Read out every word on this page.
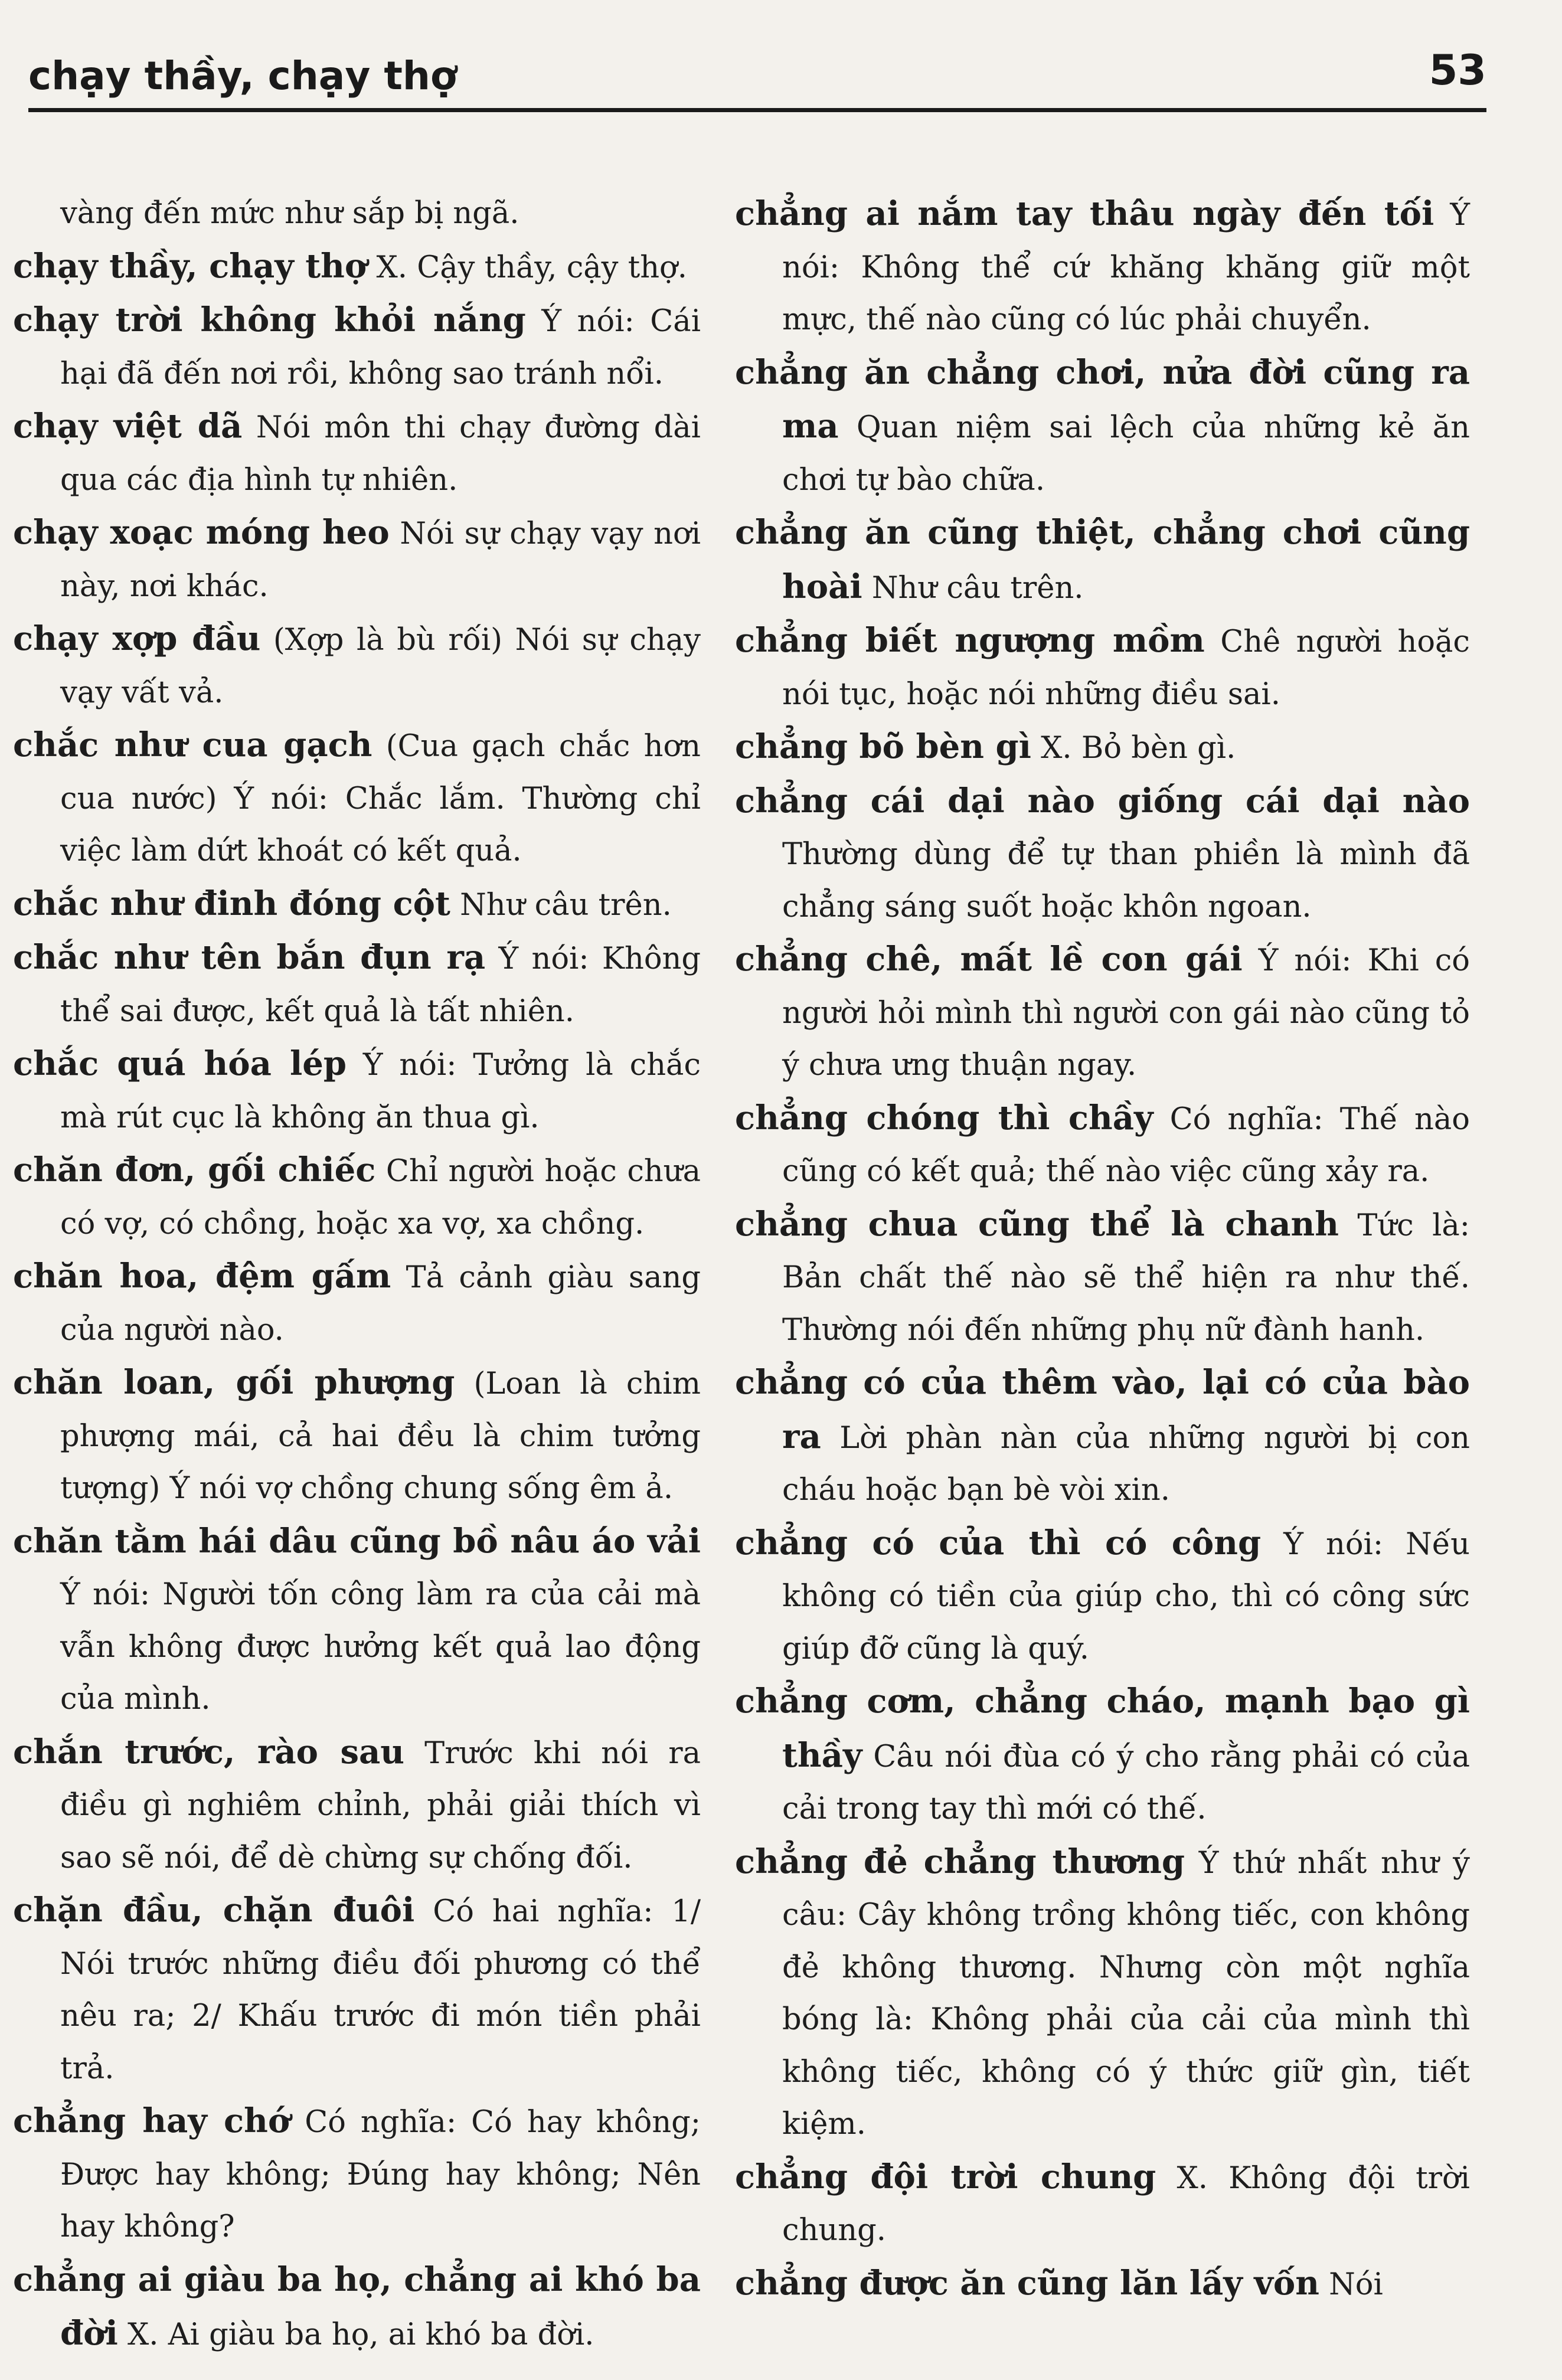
chạy thầy, chạy thợ	53
vàng đến mức như sắp bị ngã.
chạy thầy, chạy thợ X. Cậy thầy, cậy thợ.
chạy trời không khỏi nắng Ý nói: Cái hại đã đến nơi rồi, không sao tránh nổi.
chạy việt dã Nói môn thi chạy đường dài qua các địa hình tự nhiên.
chạy xoạc móng heo Nói sự chạy vạy nơi này, nơi khác.
chạy xợp đầu (Xợp là bù rối) Nói sự chạy vạy vất vả.
chắc như cua gạch (Cua gạch chắc hơn cua nước) Ý nói: Chắc lắm. Thường chỉ việc làm dứt khoát có kết quả.
chắc như đinh đóng cột Như câu trên.
chắc như tên bắn đụn rạ Ý nói: Không thể sai được, kết quả là tất nhiên.
chắc quá hóa lép Ý nói: Tưởng là chắc mà rút cục là không ăn thua gì.
chăn đơn, gối chiếc Chỉ người hoặc chưa có vợ, có chồng, hoặc xa vợ, xa chồng.
chăn hoa, đệm gấm Tả cảnh giàu sang của người nào.
chăn loan, gối phượng (Loan là chim phượng mái, cả hai đều là chim tưởng tượng) Ý nói vợ chồng chung sống êm ả.
chăn tằm hái dâu cũng bồ nâu áo vải Ý nói: Người tốn công làm ra của cải mà vẫn không được hưởng kết quả lao động của mình.
chắn trước, rào sau Trước khi nói ra điều gì nghiêm chỉnh, phải giải thích vì sao sẽ nói, để dè chừng sự chống đối.
chặn đầu, chặn đuôi Có hai nghĩa: 1/ Nói trước những điều đối phương có thể nêu ra; 2/ Khấu trước đi món tiền phải trả.
chẳng hay chớ Có nghĩa: Có hay không; Được hay không; Đúng hay không; Nên hay không?
chẳng ai giàu ba họ, chẳng ai khó ba đời X. Ai giàu ba họ, ai khó ba đời.
chẳng ai nắm tay thâu ngày đến tối Ý nói: Không thể cứ khăng khăng giữ một mực, thế nào cũng có lúc phải chuyển.
chẳng ăn chẳng chơi, nửa đời cũng ra ma Quan niệm sai lệch của những kẻ ăn chơi tự bào chữa.
chẳng ăn cũng thiệt, chẳng chơi cũng hoài Như câu trên.
chẳng biết ngượng mồm Chê người hoặc nói tục, hoặc nói những điều sai.
chẳng bõ bèn gì X. Bỏ bèn gì.
chẳng cái dại nào giống cái dại nào Thường dùng để tự than phiền là mình đã chẳng sáng suốt hoặc khôn ngoan.
chẳng chê, mất lề con gái Ý nói: Khi có người hỏi mình thì người con gái nào cũng tỏ ý chưa ưng thuận ngay.
chẳng chóng thì chầy Có nghĩa: Thế nào cũng có kết quả; thế nào việc cũng xảy ra.
chẳng chua cũng thể là chanh Tức là: Bản chất thế nào sẽ thể hiện ra như thế. Thường nói đến những phụ nữ đành hanh.
chẳng có của thêm vào, lại có của bào ra Lời phàn nàn của những người bị con cháu hoặc bạn bè vòi xin.
chẳng có của thì có công Ý nói: Nếu không có tiền của giúp cho, thì có công sức giúp đỡ cũng là quý.
chẳng cơm, chẳng cháo, mạnh bạo gì thầy Câu nói đùa có ý cho rằng phải có của cải trong tay thì mới có thế.
chẳng đẻ chẳng thương Ý thứ nhất như ý câu: Cây không trồng không tiếc, con không đẻ không thương. Nhưng còn một nghĩa bóng là: Không phải của cải của mình thì không tiếc, không có ý thức giữ gìn, tiết kiệm.
chẳng đội trời chung X. Không đội trời chung.
chẳng được ăn cũng lăn lấy vốn Nói
